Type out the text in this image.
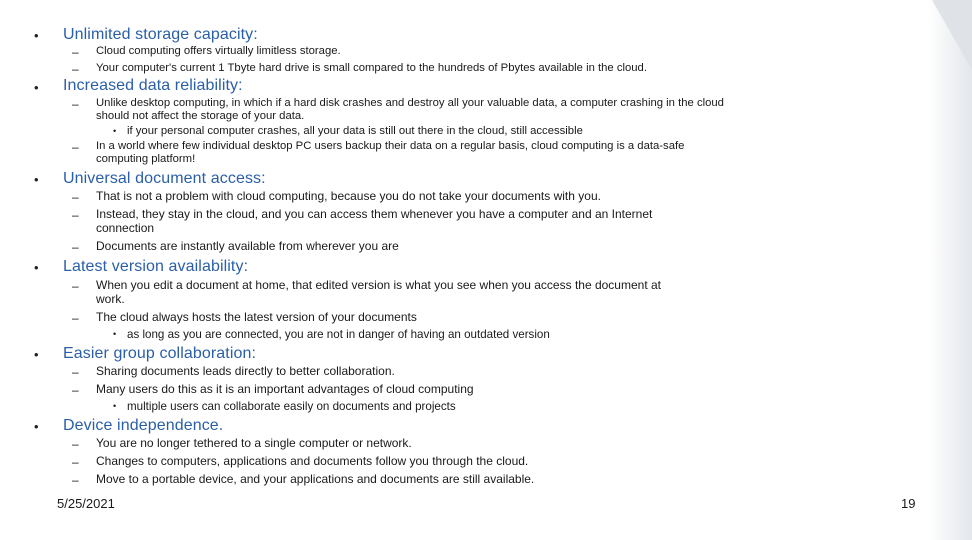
• Unlimited storage capacity:
– Cloud computing offers virtually limitless storage.
– Your computer's current 1 Tbyte hard drive is small compared to the hundreds of Pbytes available in the cloud.
• Increased data reliability:
– Unlike desktop computing, in which if a hard disk crashes and destroy all your valuable data, a computer crashing in the cloud
should not affect the storage of your data.
• if your personal computer crashes, all your data is still out there in the cloud, still accessible
– In a world where few individual desktop PC users backup their data on a regular basis, cloud computing is a data-safe
computing platform!
• Universal document access:
– That is not a problem with cloud computing, because you do not take your documents with you.
– Instead, they stay in the cloud, and you can access them whenever you have a computer and an Internet
connection
– Documents are instantly available from wherever you are
• Latest version availability:
– When you edit a document at home, that edited version is what you see when you access the document at
work.
– The cloud always hosts the latest version of your documents
• as long as you are connected, you are not in danger of having an outdated version
• Easier group collaboration:
– Sharing documents leads directly to better collaboration.
– Many users do this as it is an important advantages of cloud computing
• multiple users can collaborate easily on documents and projects
• Device independence.
– You are no longer tethered to a single computer or network.
– Changes to computers, applications and documents follow you through the cloud.
– Move to a portable device, and your applications and documents are still available.
5/25/2021	19
